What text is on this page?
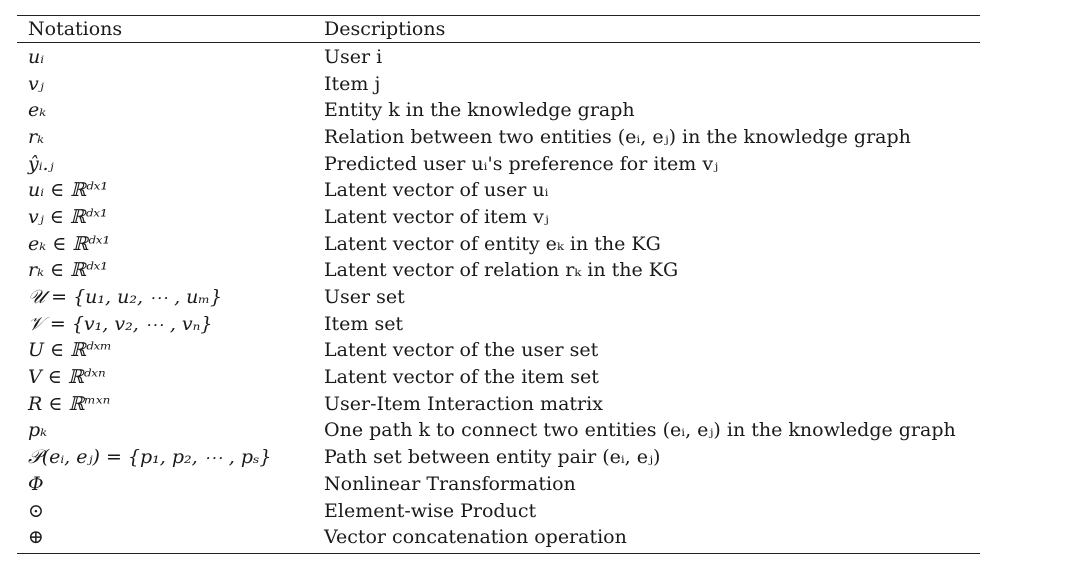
Notations	Descriptions
uᵢ	User i
vⱼ	Item j
eₖ	Entity k in the knowledge graph
rₖ	Relation between two entities (eᵢ, eⱼ) in the knowledge graph
ŷᵢ.ⱼ	Predicted user uᵢ's preference for item vⱼ
uᵢ ∈ ℝᵈˣ¹	Latent vector of user uᵢ
vⱼ ∈ ℝᵈˣ¹	Latent vector of item vⱼ
eₖ ∈ ℝᵈˣ¹	Latent vector of entity eₖ in the KG
rₖ ∈ ℝᵈˣ¹	Latent vector of relation rₖ in the KG
𝒰 = {u₁, u₂, ⋯ , uₘ}	User set
𝒱 = {v₁, v₂, ⋯ , vₙ}	Item set
U ∈ ℝᵈˣᵐ	Latent vector of the user set
V ∈ ℝᵈˣⁿ	Latent vector of the item set
R ∈ ℝᵐˣⁿ	User-Item Interaction matrix
pₖ	One path k to connect two entities (eᵢ, eⱼ) in the knowledge graph
𝒫(eᵢ, eⱼ) = {p₁, p₂, ⋯ , pₛ}	Path set between entity pair (eᵢ, eⱼ)
Φ	Nonlinear Transformation
⊙	Element-wise Product
⊕	Vector concatenation operation
